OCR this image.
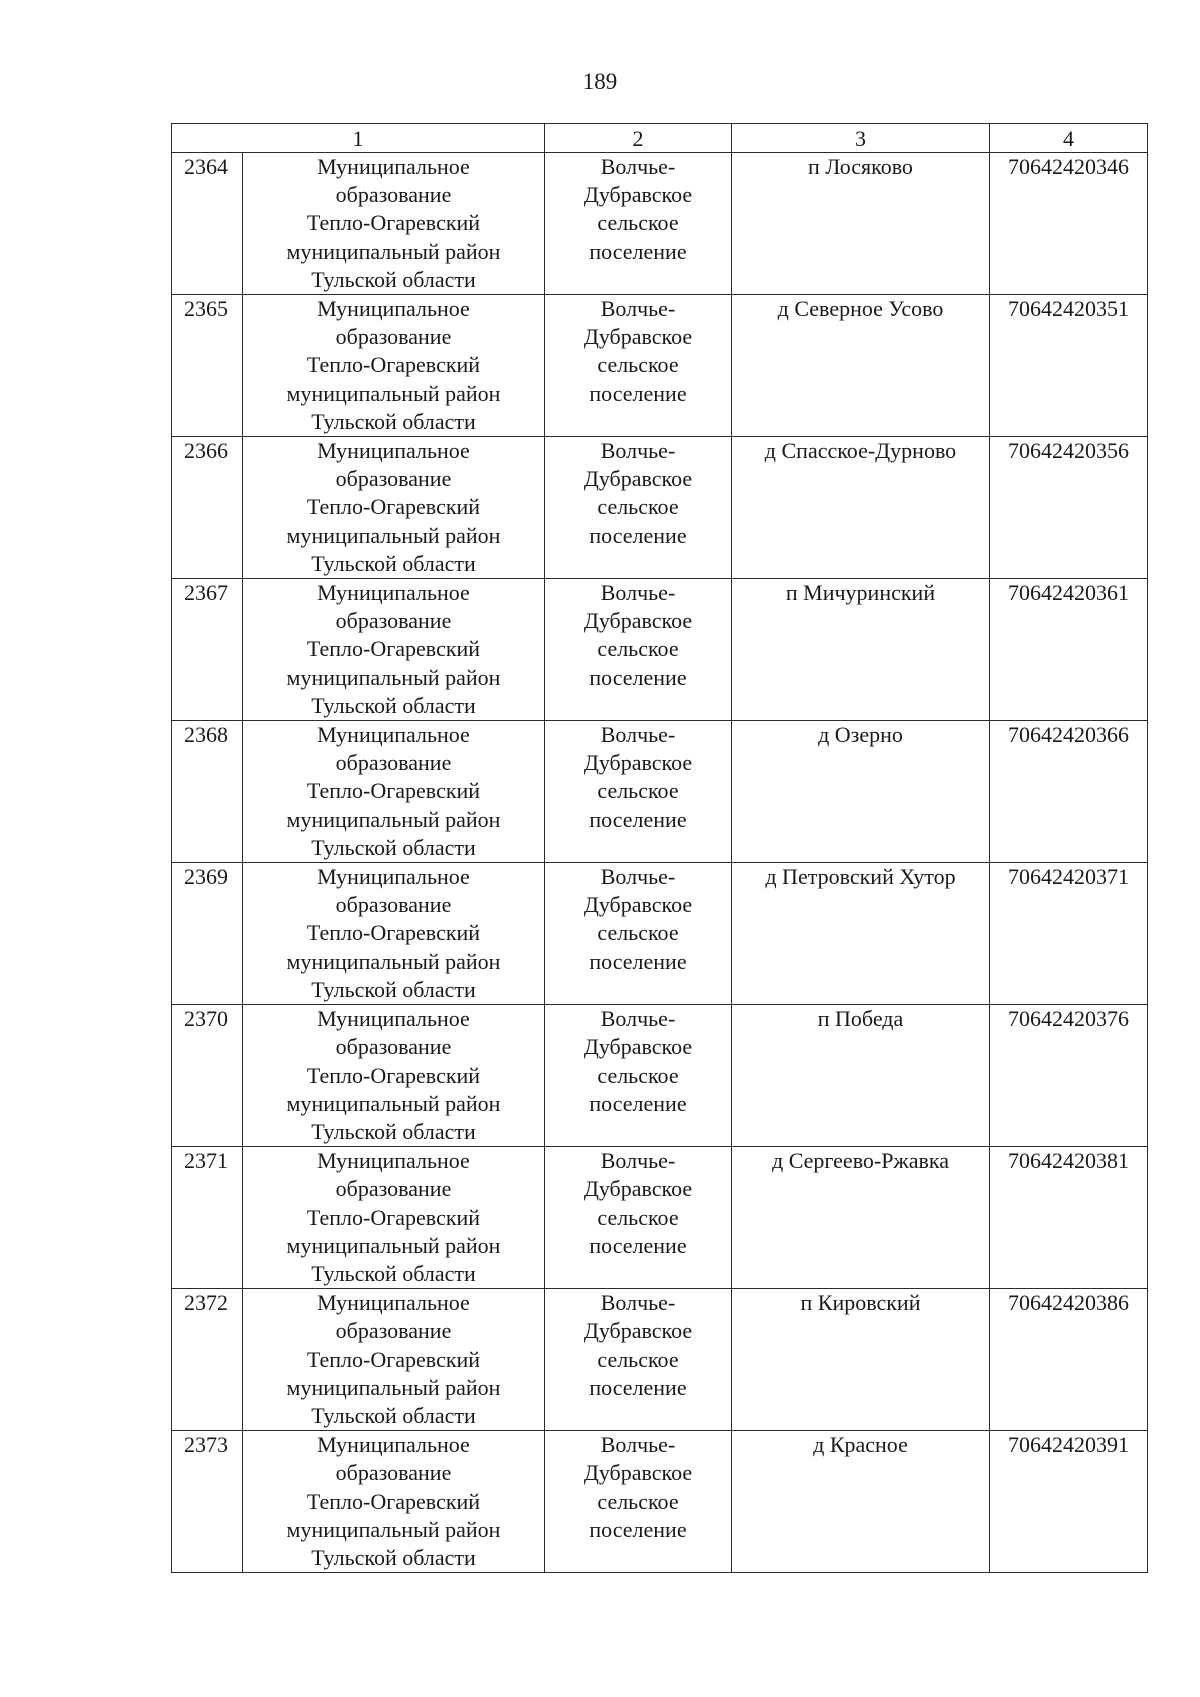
189
1		2	3	4
2364	Муниципальное
образование
Тепло-Огаревский
муниципальный район
Тульской области	Волчье-
Дубравское
сельское
поселение	п Лосяково	70642420346
2365	Муниципальное
образование
Тепло-Огаревский
муниципальный район
Тульской области	Волчье-
Дубравское
сельское
поселение	д Северное Усово	70642420351
2366	Муниципальное
образование
Тепло-Огаревский
муниципальный район
Тульской области	Волчье-
Дубравское
сельское
поселение	д Спасское-Дурново	70642420356
2367	Муниципальное
образование
Тепло-Огаревский
муниципальный район
Тульской области	Волчье-
Дубравское
сельское
поселение	п Мичуринский	70642420361
2368	Муниципальное
образование
Тепло-Огаревский
муниципальный район
Тульской области	Волчье-
Дубравское
сельское
поселение	д Озерно	70642420366
2369	Муниципальное
образование
Тепло-Огаревский
муниципальный район
Тульской области	Волчье-
Дубравское
сельское
поселение	д Петровский Хутор	70642420371
2370	Муниципальное
образование
Тепло-Огаревский
муниципальный район
Тульской области	Волчье-
Дубравское
сельское
поселение	п Победа	70642420376
2371	Муниципальное
образование
Тепло-Огаревский
муниципальный район
Тульской области	Волчье-
Дубравское
сельское
поселение	д Сергеево-Ржавка	70642420381
2372	Муниципальное
образование
Тепло-Огаревский
муниципальный район
Тульской области	Волчье-
Дубравское
сельское
поселение	п Кировский	70642420386
2373	Муниципальное
образование
Тепло-Огаревский
муниципальный район
Тульской области	Волчье-
Дубравское
сельское
поселение	д Красное	70642420391
